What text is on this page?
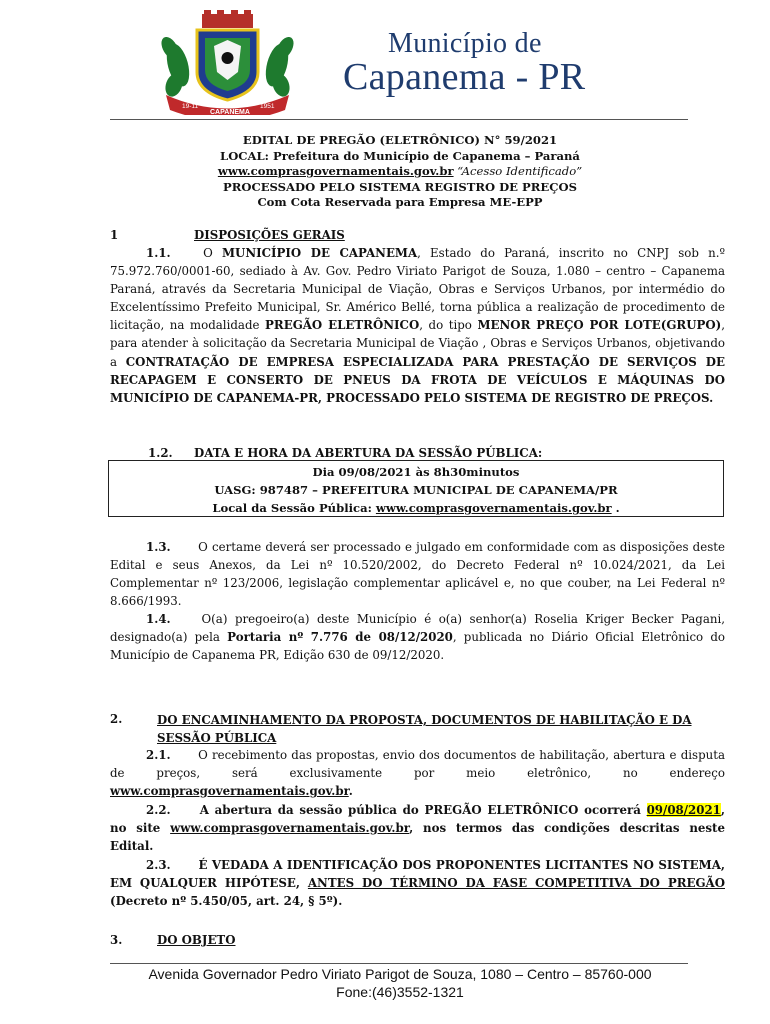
19-11
CAPANEMA
1951
Município de
Capanema - PR
EDITAL DE PREGÃO (ELETRÔNICO) N° 59/2021
LOCAL: Prefeitura do Município de Capanema – Paraná
www.comprasgovernamentais.gov.br “Acesso Identificado”
PROCESSADO PELO SISTEMA REGISTRO DE PREÇOS
Com Cota Reservada para Empresa ME-EPP
1	DISPOSIÇÕES GERAIS
1.1. O MUNICÍPIO DE CAPANEMA, Estado do Paraná, inscrito no CNPJ sob n.º 75.972.760/0001-60, sediado à Av. Gov. Pedro Viriato Parigot de Souza, 1.080 – centro – Capanema Paraná, através da Secretaria Municipal de Viação, Obras e Serviços Urbanos, por intermédio do Excelentíssimo Prefeito Municipal, Sr. Américo Bellé, torna pública a realização de procedimento de licitação, na modalidade PREGÃO ELETRÔNICO, do tipo MENOR PREÇO POR LOTE(GRUPO), para atender à solicitação da Secretaria Municipal de Viação , Obras e Serviços Urbanos, objetivando a CONTRATAÇÃO DE EMPRESA ESPECIALIZADA PARA PRESTAÇÃO DE SERVIÇOS DE RECAPAGEM E CONSERTO DE PNEUS DA FROTA DE VEÍCULOS E MÁQUINAS DO MUNICÍPIO DE CAPANEMA-PR, PROCESSADO PELO SISTEMA DE REGISTRO DE PREÇOS.
1.2. DATA E HORA DA ABERTURA DA SESSÃO PÚBLICA:
Dia 09/08/2021 às 8h30minutos
UASG: 987487 – PREFEITURA MUNICIPAL DE CAPANEMA/PR
Local da Sessão Pública: www.comprasgovernamentais.gov.br .
1.3. O certame deverá ser processado e julgado em conformidade com as disposições deste Edital e seus Anexos, da Lei nº 10.520/2002, do Decreto Federal nº 10.024/2021, da Lei Complementar nº 123/2006, legislação complementar aplicável e, no que couber, na Lei Federal nº 8.666/1993.
1.4. O(a) pregoeiro(a) deste Município é o(a) senhor(a) Roselia Kriger Becker Pagani, designado(a) pela Portaria nº 7.776 de 08/12/2020, publicada no Diário Oficial Eletrônico do Município de Capanema PR, Edição 630 de 09/12/2020.
2.	DO ENCAMINHAMENTO DA PROPOSTA, DOCUMENTOS DE HABILITAÇÃO E DA
SESSÃO PÚBLICA
2.1. O recebimento das propostas, envio dos documentos de habilitação, abertura e disputa de preços, será exclusivamente por meio eletrônico, no endereço www.comprasgovernamentais.gov.br.
2.2. A abertura da sessão pública do PREGÃO ELETRÔNICO ocorrerá 09/08/2021, no site www.comprasgovernamentais.gov.br, nos termos das condições descritas neste Edital.
2.3. É VEDADA A IDENTIFICAÇÃO DOS PROPONENTES LICITANTES NO SISTEMA, EM QUALQUER HIPÓTESE, ANTES DO TÉRMINO DA FASE COMPETITIVA DO PREGÃO (Decreto nº 5.450/05, art. 24, § 5º).
3.	DO OBJETO
Avenida Governador Pedro Viriato Parigot de Souza, 1080 – Centro – 85760-000
Fone:(46)3552-1321
